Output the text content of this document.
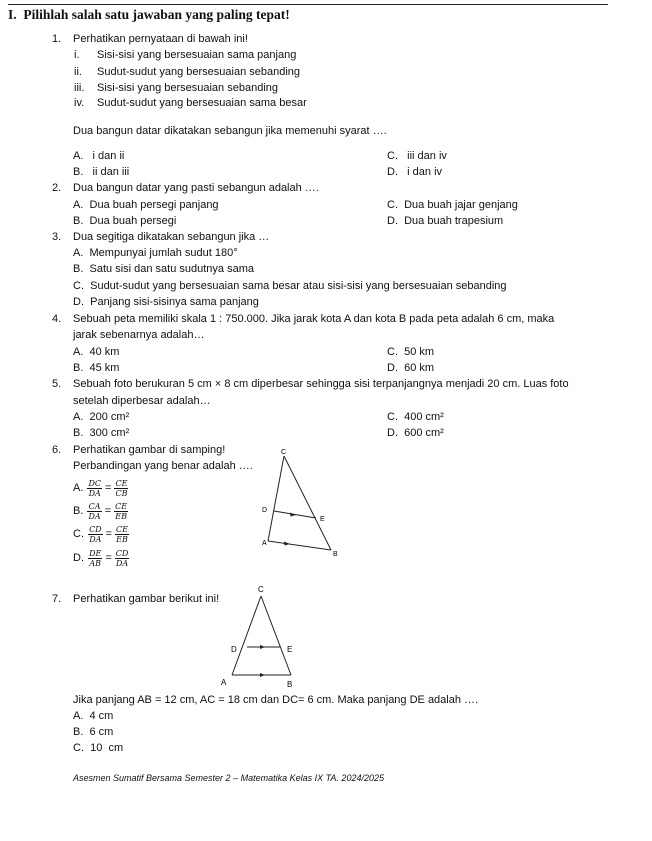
I.  Pilihlah salah satu jawaban yang paling tepat!
1. Perhatikan pernyataan di bawah ini!
i. Sisi-sisi yang bersesuaian sama panjang
ii. Sudut-sudut yang bersesuaian sebanding
iii. Sisi-sisi yang bersesuaian sebanding
iv. Sudut-sudut yang bersesuaian sama besar
Dua bangun datar dikatakan sebangun jika memenuhi syarat ….
A.   i dan ii
B.   ii dan iii
C.   iii dan iv
D.   i dan iv
2. Dua bangun datar yang pasti sebangun adalah ….
A.  Dua buah persegi panjang
B.  Dua buah persegi
C.  Dua buah jajar genjang
D.  Dua buah trapesium
3. Dua segitiga dikatakan sebangun jika …
A.  Mempunyai jumlah sudut 180°
B.  Satu sisi dan satu sudutnya sama
C.  Sudut-sudut yang bersesuaian sama besar atau sisi-sisi yang bersesuaian sebanding
D.  Panjang sisi-sisinya sama panjang
4. Sebuah peta memiliki skala 1 : 750.000. Jika jarak kota A dan kota B pada peta adalah 6 cm, maka
jarak sebenarnya adalah…
A.  40 km
B.  45 km
C.  50 km
D.  60 km
5. Sebuah foto berukuran 5 cm × 8 cm diperbesar sehingga sisi terpanjangnya menjadi 20 cm. Luas foto
setelah diperbesar adalah…
A.  200 cm²
B.  300 cm²
C.  400 cm²
D.  600 cm²
6. Perhatikan gambar di samping!
Perbandingan yang benar adalah ….
A. $\frac{DC}{DA} = \frac{CE}{CB}$
B. $\frac{CA}{DA} = \frac{CE}{EB}$
C. $\frac{CD}{DA} = \frac{CE}{EB}$
D. $\frac{DE}{AB} = \frac{CD}{DA}$
C
D
E
A
B
7. Perhatikan gambar berikut ini!
C
D	E
A	B
Jika panjang AB = 12 cm, AC = 18 cm dan DC= 6 cm. Maka panjang DE adalah ….
A.  4 cm
B.  6 cm
C.  10  cm
Asesmen Sumatif Bersama Semester 2 – Matematika Kelas IX TA. 2024/2025
